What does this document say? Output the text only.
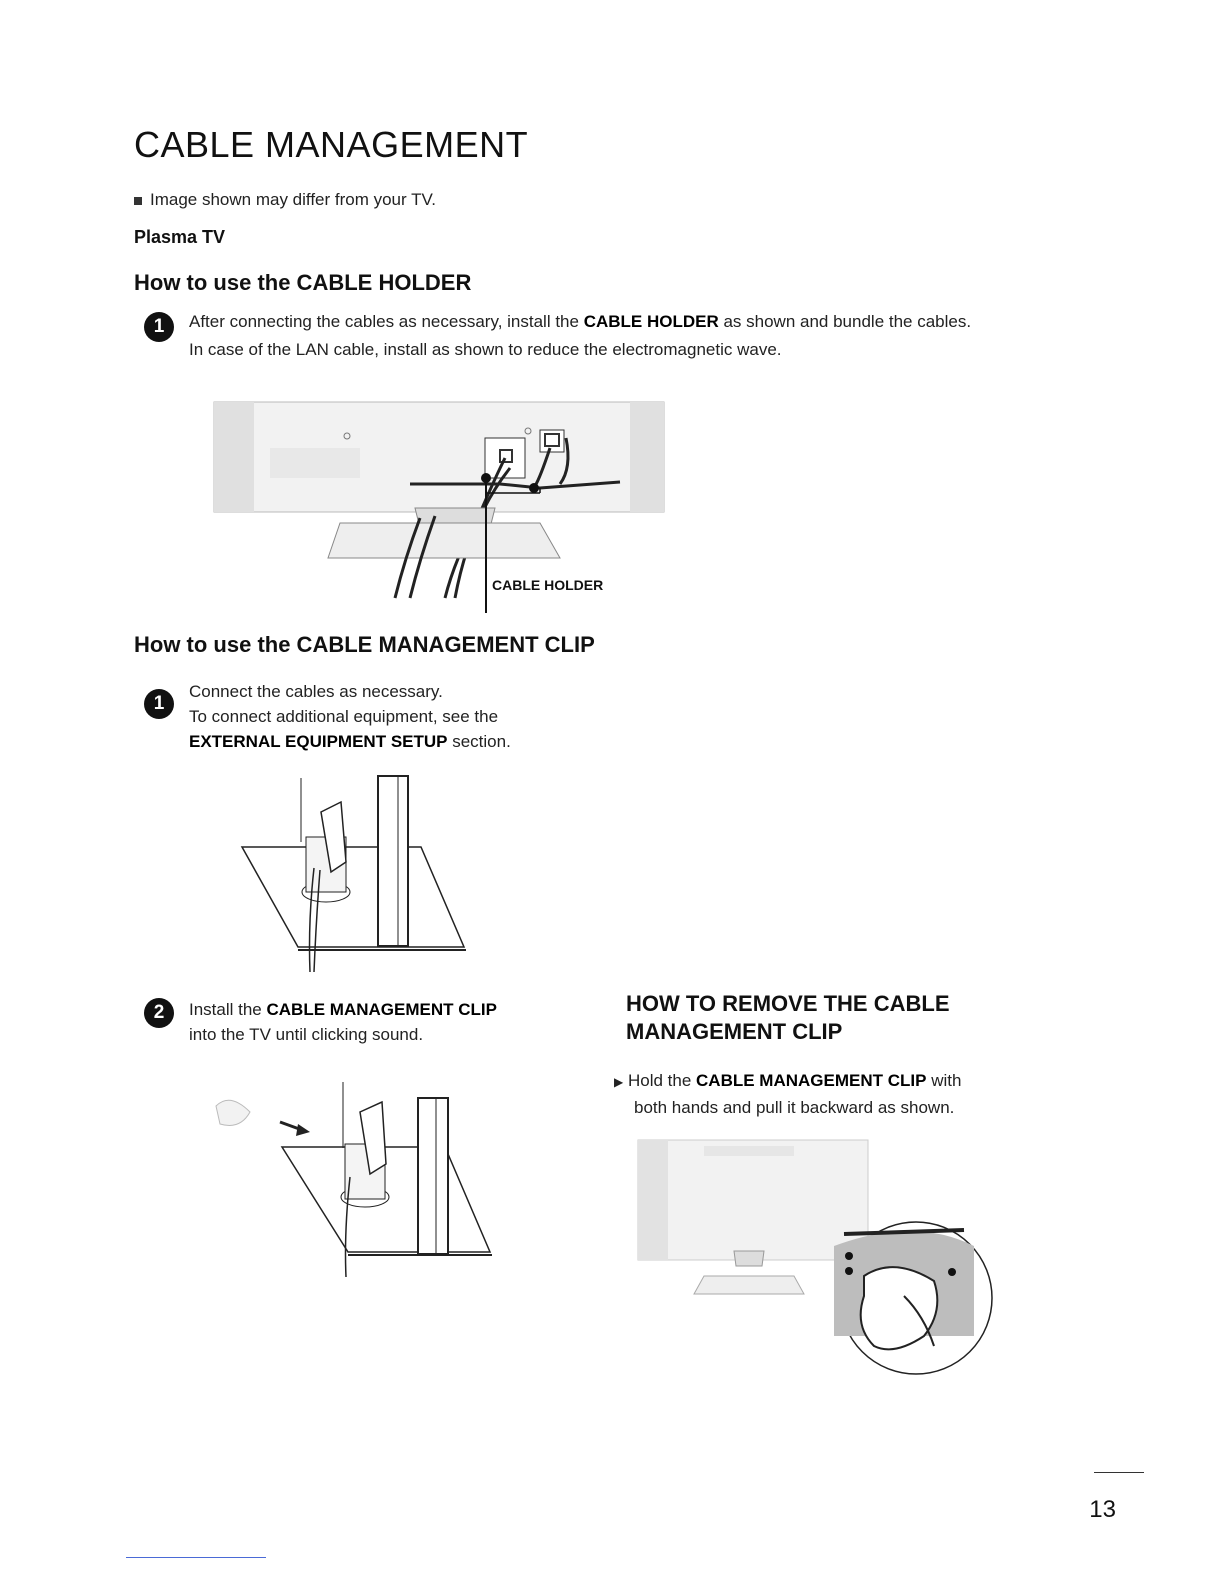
CABLE MANAGEMENT
Image shown may differ from your TV.
Plasma TV
How to use the CABLE HOLDER
1	After connecting the cables as necessary, install the CABLE HOLDER as shown and bundle the cables.
In case of the LAN cable, install as shown to reduce the electromagnetic wave.
CABLE HOLDER
How to use the CABLE MANAGEMENT CLIP
1
Connect the cables as necessary.
To connect additional equipment, see the
EXTERNAL EQUIPMENT SETUP section.
2	Install the CABLE MANAGEMENT CLIP
into the TV until clicking sound.
HOW TO REMOVE THE CABLE MANAGEMENT CLIP
▶ Hold the CABLE MANAGEMENT CLIP with
both hands and pull it backward as shown.
13
